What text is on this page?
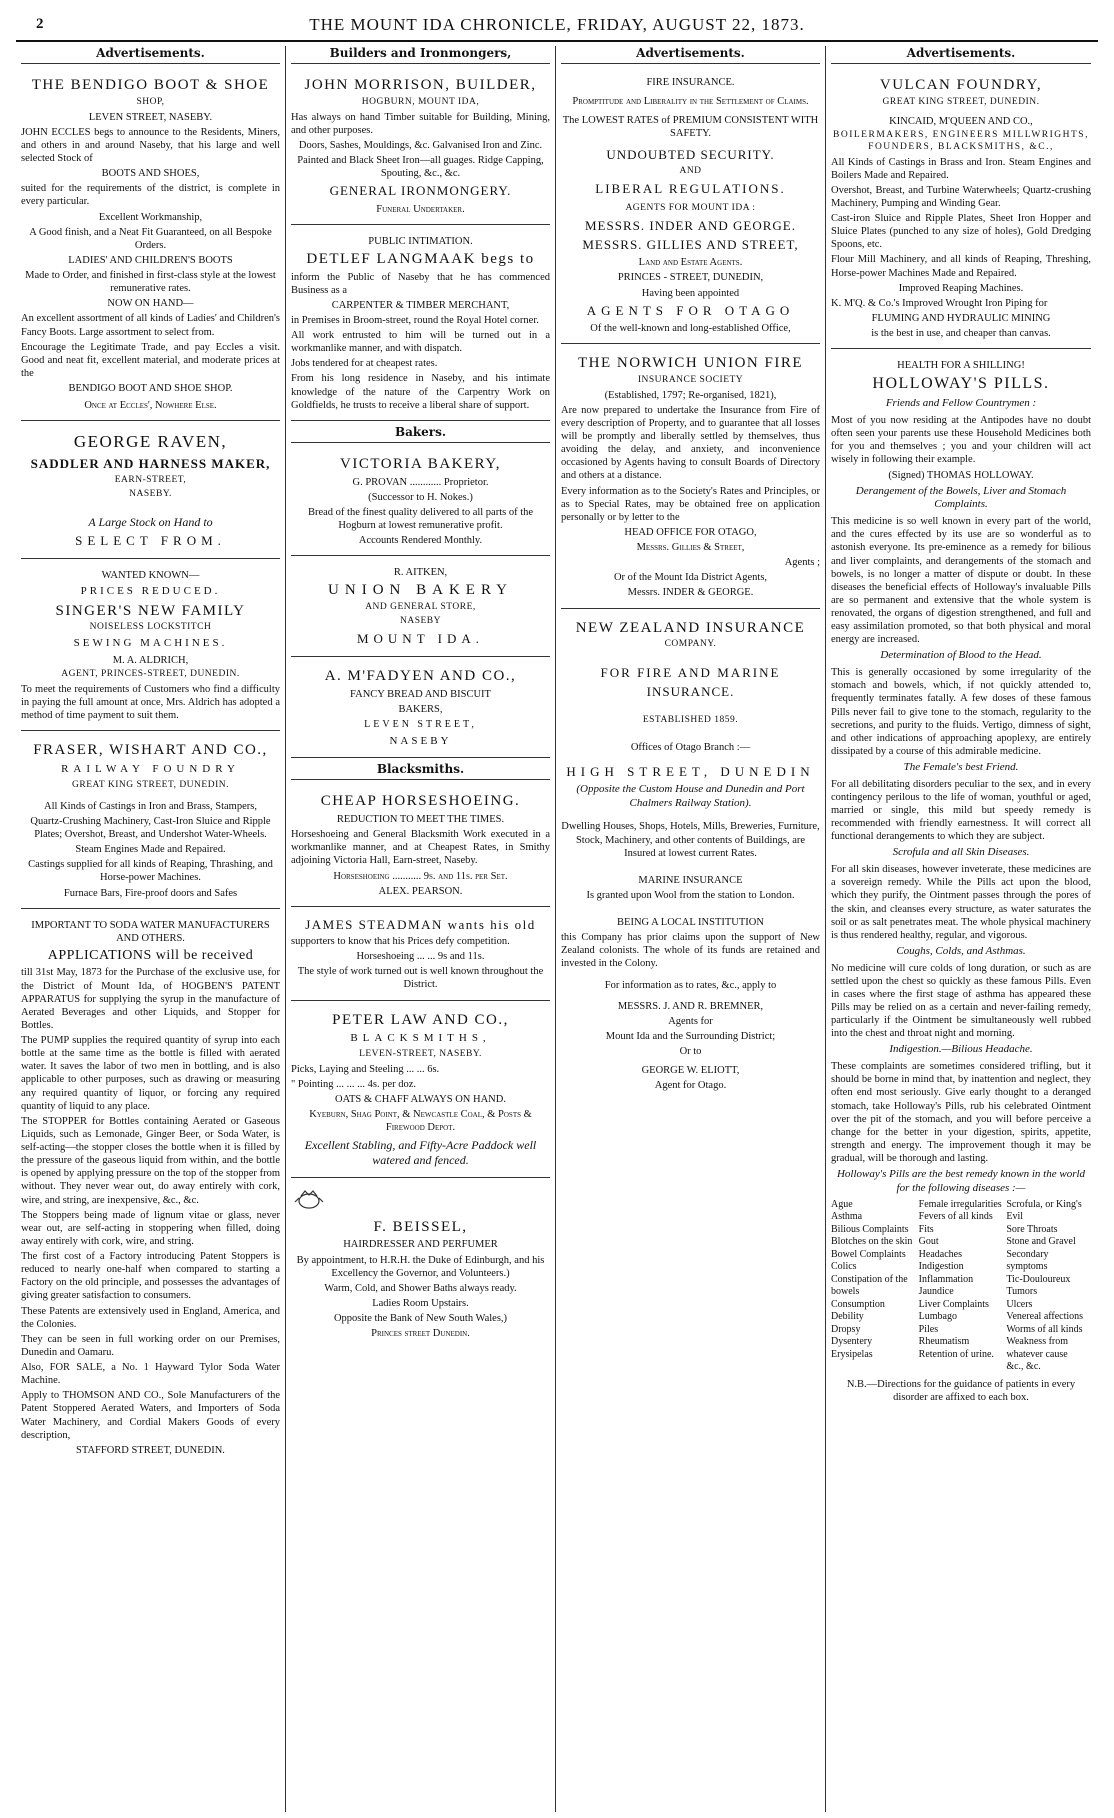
2	THE MOUNT IDA CHRONICLE, FRIDAY, AUGUST 22, 1873.
Advertisements.
THE BENDIGO BOOT & SHOE
SHOP,
LEVEN STREET, NASEBY.

JOHN ECCLES begs to announce to the Residents, Miners, and others in and around Naseby, that his large and well selected Stock of

BOOTS AND SHOES,

suited for the requirements of the district, is complete in every particular.

Excellent Workmanship,
A Good finish, and a Neat Fit Guaranteed, on all Bespoke Orders.
LADIES' AND CHILDREN'S BOOTS
Made to Order, and finished in first-class style at the lowest remunerative rates.
NOW ON HAND—

An excellent assortment of all kinds of Ladies' and Children's Fancy Boots. Large assortment to select from.

Encourage the Legitimate Trade, and pay Eccles a visit. Good and neat fit, excellent material, and moderate prices at the

BENDIGO BOOT AND SHOE SHOP.
Once at Eccles', Nowhere Else.
GEORGE RAVEN,
SADDLER AND HARNESS MAKER,
EARN-STREET,
NASEBY.
A Large Stock on Hand to
SELECT FROM.
WANTED KNOWN—
PRICES REDUCED.
SINGER'S NEW FAMILY
NOISELESS LOCKSTITCH
SEWING MACHINES.
M. A. ALDRICH,
AGENT, PRINCES-STREET, DUNEDIN.

To meet the requirements of Customers who find a difficulty in paying the full amount at once, Mrs. Aldrich has adopted a method of time payment to suit them.

FRASER, WISHART AND CO.,
RAILWAY FOUNDRY
GREAT KING STREET, DUNEDIN.
All Kinds of Castings in Iron and Brass, Stampers,
Quartz-Crushing Machinery, Cast-Iron Sluice and Ripple Plates; Overshot, Breast, and Undershot Water-Wheels.
Steam Engines Made and Repaired.
Castings supplied for all kinds of Reaping, Thrashing, and Horse-power Machines.
Furnace Bars, Fire-proof doors and Safes
IMPORTANT TO SODA WATER MANUFACTURERS AND OTHERS.
APPLICATIONS will be received

till 31st May, 1873 for the Purchase of the exclusive use, for the District of Mount Ida, of HOGBEN'S PATENT APPARATUS for supplying the syrup in the manufacture of Aerated Beverages and other Liquids, and Stopper for Bottles.

The PUMP supplies the required quantity of syrup into each bottle at the same time as the bottle is filled with aerated water. It saves the labor of two men in bottling, and is also applicable to other purposes, such as drawing or measuring any required quantity of liquor, or forcing any required quantity of liquid to any place.

The STOPPER for Bottles containing Aerated or Gaseous Liquids, such as Lemonade, Ginger Beer, or Soda Water, is self-acting—the stopper closes the bottle when it is filled by the pressure of the gaseous liquid from within, and the bottle is opened by applying pressure on the top of the stopper from without. They never wear out, do away entirely with cork, wire, and string, are inexpensive, &c., &c.

The Stoppers being made of lignum vitae or glass, never wear out, are self-acting in stoppering when filled, doing away entirely with cork, wire, and string.

The first cost of a Factory introducing Patent Stoppers is reduced to nearly one-half when compared to starting a Factory on the old principle, and possesses the advantages of giving greater satisfaction to consumers.

These Patents are extensively used in England, America, and the Colonies.

They can be seen in full working order on our Premises, Dunedin and Oamaru.

Also, FOR SALE, a No. 1 Hayward Tylor Soda Water Machine.

Apply to THOMSON AND CO., Sole Manufacturers of the Patent Stoppered Aerated Waters, and Importers of Soda Water Machinery, and Cordial Makers Goods of every description,

STAFFORD STREET, DUNEDIN.
Builders and Ironmongers,
JOHN MORRISON, BUILDER,
HOGBURN, MOUNT IDA,

Has always on hand Timber suitable for Building, Mining, and other purposes.

Doors, Sashes, Mouldings, &c. Galvanised Iron and Zinc.
Painted and Black Sheet Iron—all guages. Ridge Capping, Spouting, &c., &c.
GENERAL IRONMONGERY.
Funeral Undertaker.
PUBLIC INTIMATION.
DETLEF LANGMAAK begs to

inform the Public of Naseby that he has commenced Business as a

CARPENTER & TIMBER MERCHANT,

in Premises in Broom-street, round the Royal Hotel corner.

All work entrusted to him will be turned out in a workmanlike manner, and with dispatch.

Jobs tendered for at cheapest rates.

From his long residence in Naseby, and his intimate knowledge of the nature of the Carpentry Work on Goldfields, he trusts to receive a liberal share of support.

Bakers.
VICTORIA BAKERY,
G. PROVAN ............ Proprietor.
(Successor to H. Nokes.)
Bread of the finest quality delivered to all parts of the Hogburn at lowest remunerative profit.
Accounts Rendered Monthly.
R. AITKEN,
UNION BAKERY
AND GENERAL STORE,
NASEBY
MOUNT IDA.
A. M'FADYEN AND CO.,
FANCY BREAD AND BISCUIT
BAKERS,
LEVEN STREET,
NASEBY
Blacksmiths.
CHEAP HORSESHOEING.
REDUCTION TO MEET THE TIMES.

Horseshoeing and General Blacksmith Work executed in a workmanlike manner, and at Cheapest Rates, in Smithy adjoining Victoria Hall, Earn-street, Naseby.

Horseshoeing ........... 9s. and 11s. per Set.
ALEX. PEARSON.
JAMES STEADMAN wants his old

supporters to know that his Prices defy competition.

Horseshoeing ... ... 9s and 11s.
The style of work turned out is well known throughout the District.
PETER LAW AND CO.,
BLACKSMITHS,
LEVEN-STREET, NASEBY.

Picks, Laying and Steeling ... ... 6s.

" Pointing ... ... ... 4s. per doz.

OATS & CHAFF ALWAYS ON HAND.
Kyeburn, Shag Point, & Newcastle Coal, & Posts & Firewood Depot.
Excellent Stabling, and Fifty-Acre Paddock well watered and fenced.
F. BEISSEL,
HAIRDRESSER AND PERFUMER
By appointment, to H.R.H. the Duke of Edinburgh, and his Excellency the Governor, and Volunteers.)
Warm, Cold, and Shower Baths always ready.
Ladies Room Upstairs.
Opposite the Bank of New South Wales,)
Princes street Dunedin.
Advertisements.
FIRE INSURANCE.
Promptitude and Liberality in the Settlement of Claims.
The LOWEST RATES of PREMIUM CONSISTENT WITH SAFETY.
UNDOUBTED SECURITY.
AND
LIBERAL REGULATIONS.
AGENTS FOR MOUNT IDA :
MESSRS. INDER AND GEORGE.
MESSRS. GILLIES AND STREET,
Land and Estate Agents.
PRINCES - STREET, DUNEDIN,
Having been appointed
AGENTS FOR OTAGO
Of the well-known and long-established Office,
THE NORWICH UNION FIRE
INSURANCE SOCIETY
(Established, 1797; Re-organised, 1821),

Are now prepared to undertake the Insurance from Fire of every description of Property, and to guarantee that all losses will be promptly and liberally settled by themselves, thus avoiding the delay, and anxiety, and inconvenience occasioned by Agents having to consult Boards of Directory and others at a distance.

Every information as to the Society's Rates and Principles, or as to Special Rates, may be obtained free on application personally or by letter to the

HEAD OFFICE FOR OTAGO,
Messrs. Gillies & Street,
Agents ;
Or of the Mount Ida District Agents,
Messrs. INDER & GEORGE.
NEW ZEALAND INSURANCE
COMPANY.
FOR FIRE AND MARINE
INSURANCE.
ESTABLISHED 1859.
Offices of Otago Branch :—
HIGH STREET, DUNEDIN
(Opposite the Custom House and Dunedin and Port Chalmers Railway Station).
Dwelling Houses, Shops, Hotels, Mills, Breweries, Furniture, Stock, Machinery, and other contents of Buildings, are Insured at lowest current Rates.
MARINE INSURANCE
Is granted upon Wool from the station to London.
BEING A LOCAL INSTITUTION

this Company has prior claims upon the support of New Zealand colonists. The whole of its funds are retained and invested in the Colony.

For information as to rates, &c., apply to
MESSRS. J. AND R. BREMNER,
Agents for
Mount Ida and the Surrounding District;
Or to
GEORGE W. ELIOTT,
Agent for Otago.
Advertisements.
VULCAN FOUNDRY,
GREAT KING STREET, DUNEDIN.
KINCAID, M'QUEEN AND CO.,
BOILERMAKERS, ENGINEERS MILLWRIGHTS, FOUNDERS, BLACKSMITHS, &C.,

All Kinds of Castings in Brass and Iron. Steam Engines and Boilers Made and Repaired.

Overshot, Breast, and Turbine Waterwheels; Quartz-crushing Machinery, Pumping and Winding Gear.

Cast-iron Sluice and Ripple Plates, Sheet Iron Hopper and Sluice Plates (punched to any size of holes), Gold Dredging Spoons, etc.

Flour Mill Machinery, and all kinds of Reaping, Threshing, Horse-power Machines Made and Repaired.

Improved Reaping Machines.

K. M'Q. & Co.'s Improved Wrought Iron Piping for

FLUMING AND HYDRAULIC MINING
is the best in use, and cheaper than canvas.
HEALTH FOR A SHILLING!
HOLLOWAY'S PILLS.
Friends and Fellow Countrymen :

Most of you now residing at the Antipodes have no doubt often seen your parents use these Household Medicines both for you and themselves ; you and your children will act wisely in following their example.

(Signed) THOMAS HOLLOWAY.
Derangement of the Bowels, Liver and Stomach Complaints.

This medicine is so well known in every part of the world, and the cures effected by its use are so wonderful as to astonish everyone. Its pre-eminence as a remedy for bilious and liver complaints, and derangements of the stomach and bowels, is no longer a matter of dispute or doubt. In these diseases the beneficial effects of Holloway's invaluable Pills are so permanent and extensive that the whole system is renovated, the organs of digestion strengthened, and full and easy assimilation promoted, so that both physical and moral energy are increased.

Determination of Blood to the Head.

This is generally occasioned by some irregularity of the stomach and bowels, which, if not quickly attended to, frequently terminates fatally. A few doses of these famous Pills never fail to give tone to the stomach, regularity to the secretions, and purity to the fluids. Vertigo, dimness of sight, and other indications of approaching apoplexy, are entirely dissipated by a course of this admirable medicine.

The Female's best Friend.

For all debilitating disorders peculiar to the sex, and in every contingency perilous to the life of woman, youthful or aged, married or single, this mild but speedy remedy is recommended with friendly earnestness. It will correct all functional derangements to which they are subject.

Scrofula and all Skin Diseases.

For all skin diseases, however inveterate, these medicines are a sovereign remedy. While the Pills act upon the blood, which they purify, the Ointment passes through the pores of the skin, and cleanses every structure, as water saturates the soil or as salt penetrates meat. The whole physical machinery is thus rendered healthy, regular, and vigorous.

Coughs, Colds, and Asthmas.

No medicine will cure colds of long duration, or such as are settled upon the chest so quickly as these famous Pills. Even in cases where the first stage of asthma has appeared these Pills may be relied on as a certain and never-failing remedy, particularly if the Ointment be simultaneously well rubbed into the chest and throat night and morning.

Indigestion.—Bilious Headache.

These complaints are sometimes considered trifling, but it should be borne in mind that, by inattention and neglect, they often end most seriously. Give early thought to a deranged stomach, take Holloway's Pills, rub his celebrated Ointment over the pit of the stomach, and you will before perceive a change for the better in your digestion, spirits, appetite, strength and energy. The improvement though it may be gradual, will be thorough and lasting.

Holloway's Pills are the best remedy known in the world for the following diseases :—
Ague
Asthma
Bilious Complaints
Blotches on the skin
Bowel Complaints
Colics
Constipation of the bowels
Consumption
Debility
Dropsy
Dysentery
Erysipelas
Female irregularities
Fevers of all kinds
Fits
Gout
Headaches
Indigestion
Inflammation
Jaundice
Liver Complaints
Lumbago
Piles
Rheumatism
Retention of urine.
Scrofula, or King's Evil
Sore Throats
Stone and Gravel
Secondary symptoms
Tic-Douloureux
Tumors
Ulcers
Venereal affections
Worms of all kinds
Weakness from whatever cause
&c., &c.
N.B.—Directions for the guidance of patients in every disorder are affixed to each box.
